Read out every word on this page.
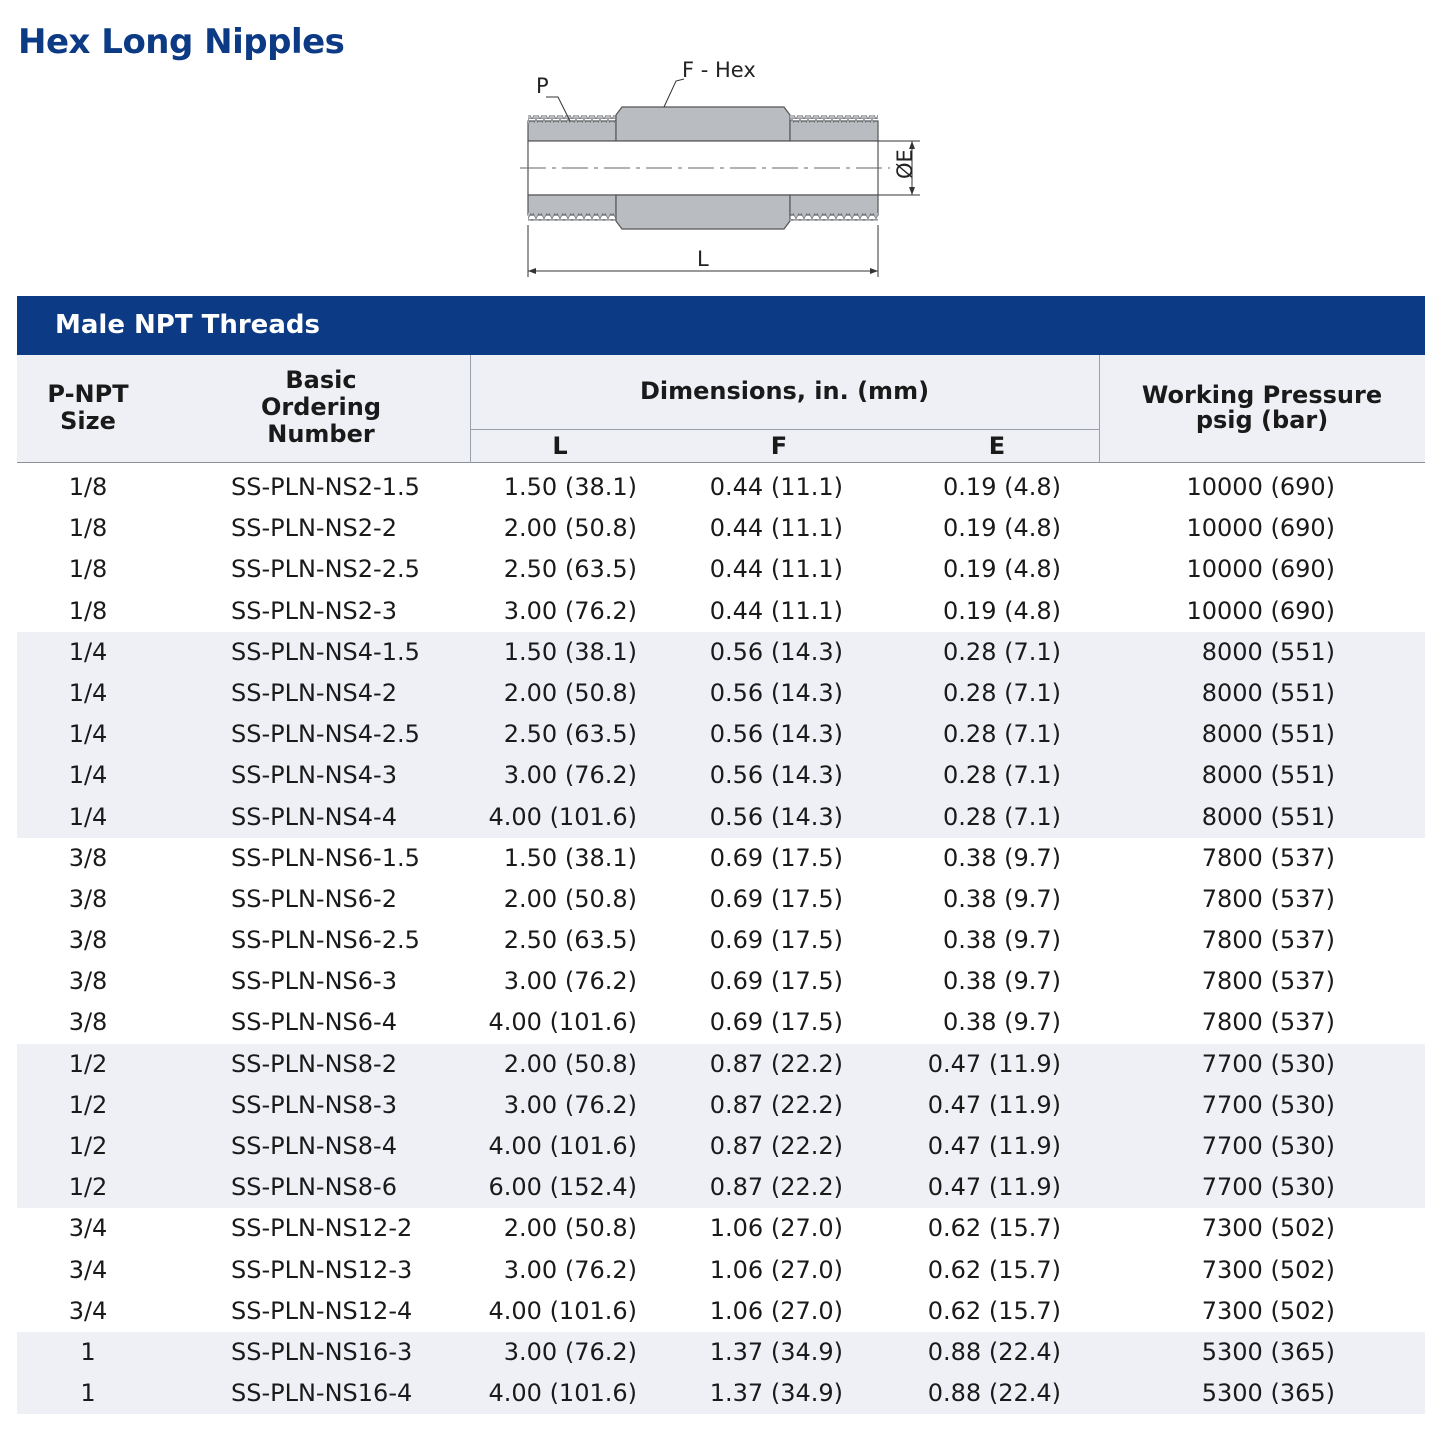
Hex Long Nipples
P
F - Hex
ØE
L
Male NPT Threads
P-NPT
Size
Basic
Ordering
Number
Dimensions, in. (mm)
L	F	E
Working Pressure
psig (bar)
1/8	SS-PLN-NS2-1.5	1.50 (38.1)	0.44 (11.1)	0.19 (4.8)	10000 (690)
1/8	SS-PLN-NS2-2	2.00 (50.8)	0.44 (11.1)	0.19 (4.8)	10000 (690)
1/8	SS-PLN-NS2-2.5	2.50 (63.5)	0.44 (11.1)	0.19 (4.8)	10000 (690)
1/8	SS-PLN-NS2-3	3.00 (76.2)	0.44 (11.1)	0.19 (4.8)	10000 (690)
1/4	SS-PLN-NS4-1.5	1.50 (38.1)	0.56 (14.3)	0.28 (7.1)	8000 (551)
1/4	SS-PLN-NS4-2	2.00 (50.8)	0.56 (14.3)	0.28 (7.1)	8000 (551)
1/4	SS-PLN-NS4-2.5	2.50 (63.5)	0.56 (14.3)	0.28 (7.1)	8000 (551)
1/4	SS-PLN-NS4-3	3.00 (76.2)	0.56 (14.3)	0.28 (7.1)	8000 (551)
1/4	SS-PLN-NS4-4	4.00 (101.6)	0.56 (14.3)	0.28 (7.1)	8000 (551)
3/8	SS-PLN-NS6-1.5	1.50 (38.1)	0.69 (17.5)	0.38 (9.7)	7800 (537)
3/8	SS-PLN-NS6-2	2.00 (50.8)	0.69 (17.5)	0.38 (9.7)	7800 (537)
3/8	SS-PLN-NS6-2.5	2.50 (63.5)	0.69 (17.5)	0.38 (9.7)	7800 (537)
3/8	SS-PLN-NS6-3	3.00 (76.2)	0.69 (17.5)	0.38 (9.7)	7800 (537)
3/8	SS-PLN-NS6-4	4.00 (101.6)	0.69 (17.5)	0.38 (9.7)	7800 (537)
1/2	SS-PLN-NS8-2	2.00 (50.8)	0.87 (22.2)	0.47 (11.9)	7700 (530)
1/2	SS-PLN-NS8-3	3.00 (76.2)	0.87 (22.2)	0.47 (11.9)	7700 (530)
1/2	SS-PLN-NS8-4	4.00 (101.6)	0.87 (22.2)	0.47 (11.9)	7700 (530)
1/2	SS-PLN-NS8-6	6.00 (152.4)	0.87 (22.2)	0.47 (11.9)	7700 (530)
3/4	SS-PLN-NS12-2	2.00 (50.8)	1.06 (27.0)	0.62 (15.7)	7300 (502)
3/4	SS-PLN-NS12-3	3.00 (76.2)	1.06 (27.0)	0.62 (15.7)	7300 (502)
3/4	SS-PLN-NS12-4	4.00 (101.6)	1.06 (27.0)	0.62 (15.7)	7300 (502)
1	SS-PLN-NS16-3	3.00 (76.2)	1.37 (34.9)	0.88 (22.4)	5300 (365)
1	SS-PLN-NS16-4	4.00 (101.6)	1.37 (34.9)	0.88 (22.4)	5300 (365)
